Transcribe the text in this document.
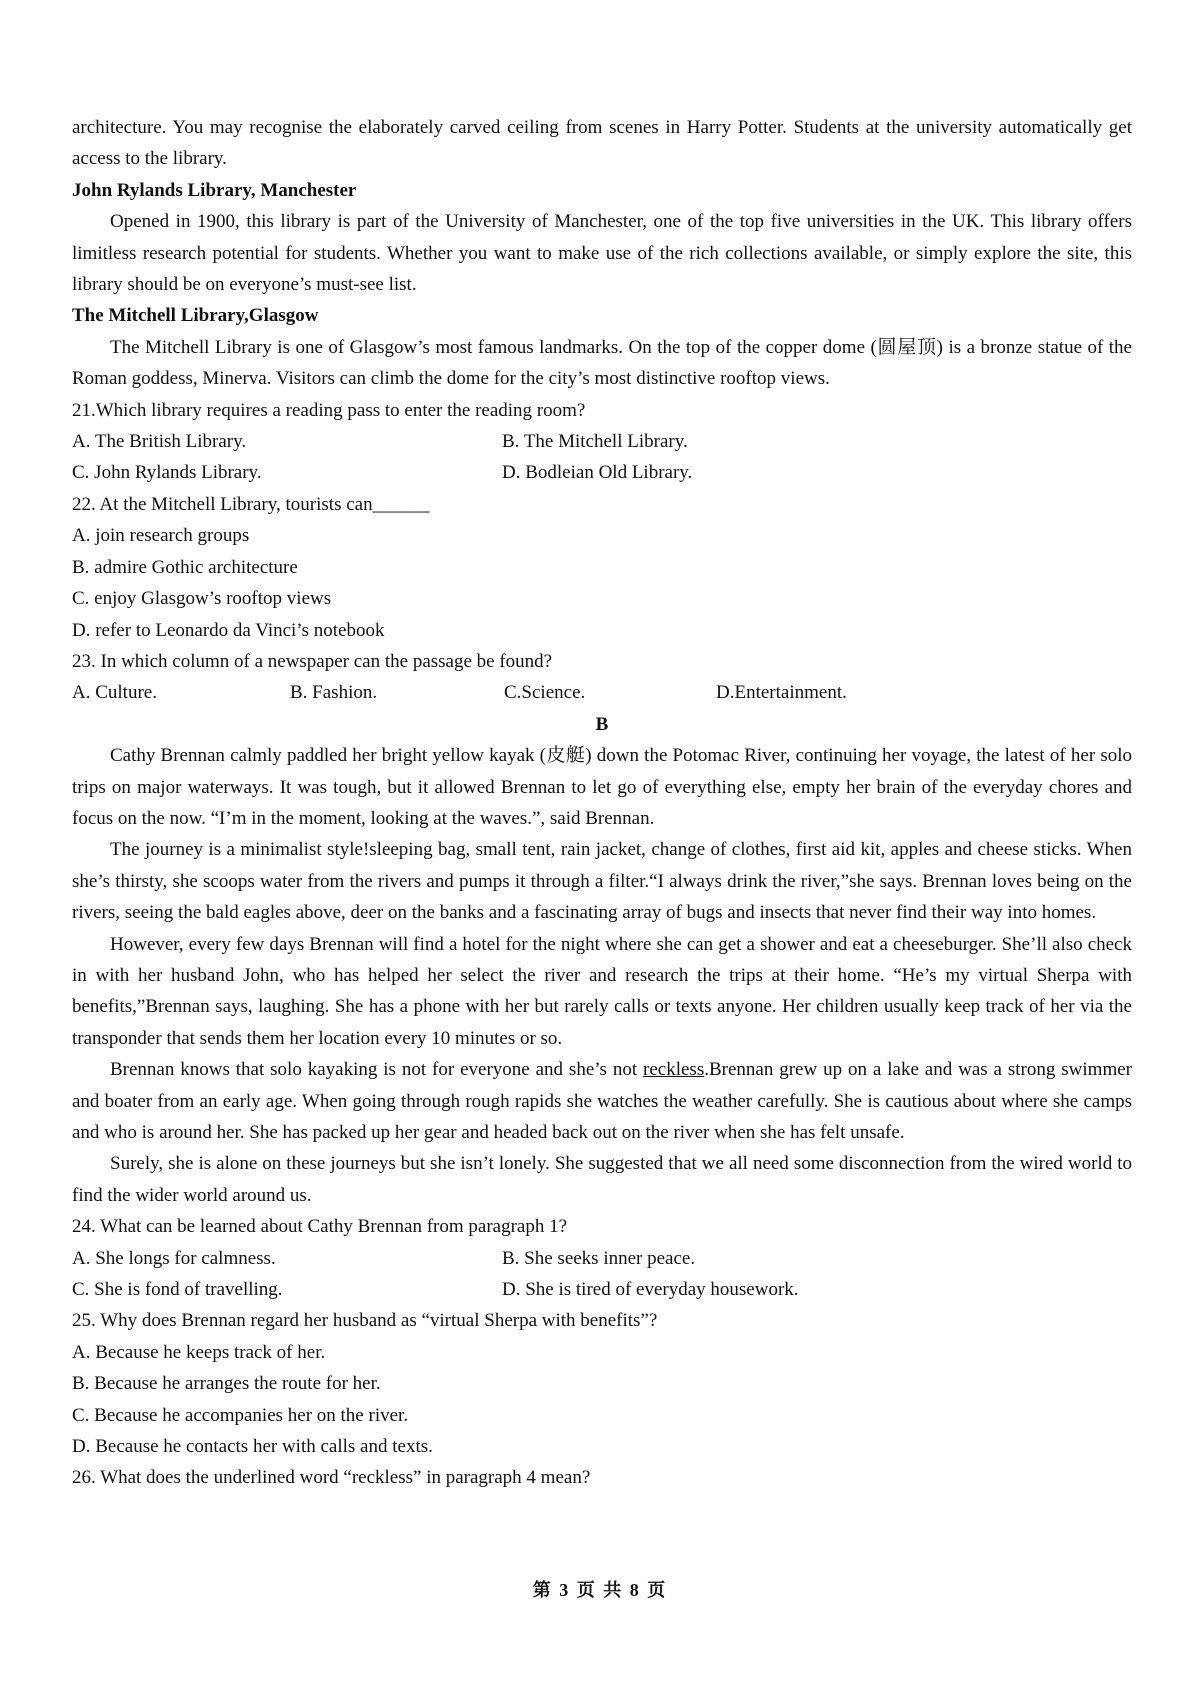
architecture. You may recognise the elaborately carved ceiling from scenes in Harry Potter. Students at the university automatically get access to the library.

John Rylands Library, Manchester

Opened in 1900, this library is part of the University of Manchester, one of the top five universities in the UK. This library offers limitless research potential for students. Whether you want to make use of the rich collections available, or simply explore the site, this library should be on everyone’s must-see list.

The Mitchell Library,Glasgow

The Mitchell Library is one of Glasgow’s most famous landmarks. On the top of the copper dome (圆屋顶) is a bronze statue of the Roman goddess, Minerva. Visitors can climb the dome for the city’s most distinctive rooftop views.

21.Which library requires a reading pass to enter the reading room?
A. The British Library.	B. The Mitchell Library.
C. John Rylands Library.	D. Bodleian Old Library.
22. At the Mitchell Library, tourists can______
A. join research groups
B. admire Gothic architecture
C. enjoy Glasgow’s rooftop views
D. refer to Leonardo da Vinci’s notebook
23. In which column of a newspaper can the passage be found?
A. Culture.	B. Fashion.	C.Science.	D.Entertainment.
B

Cathy Brennan calmly paddled her bright yellow kayak (皮艇) down the Potomac River, continuing her voyage, the latest of her solo trips on major waterways. It was tough, but it allowed Brennan to let go of everything else, empty her brain of the everyday chores and focus on the now. “I’m in the moment, looking at the waves.”, said Brennan.

The journey is a minimalist style!sleeping bag, small tent, rain jacket, change of clothes, first aid kit, apples and cheese sticks. When she’s thirsty, she scoops water from the rivers and pumps it through a filter.“I always drink the river,”she says. Brennan loves being on the rivers, seeing the bald eagles above, deer on the banks and a fascinating array of bugs and insects that never find their way into homes.

However, every few days Brennan will find a hotel for the night where she can get a shower and eat a cheeseburger. She’ll also check in with her husband John, who has helped her select the river and research the trips at their home. “He’s my virtual Sherpa with benefits,”Brennan says, laughing. She has a phone with her but rarely calls or texts anyone. Her children usually keep track of her via the transponder that sends them her location every 10 minutes or so.

Brennan knows that solo kayaking is not for everyone and she’s not reckless.Brennan grew up on a lake and was a strong swimmer and boater from an early age. When going through rough rapids she watches the weather carefully. She is cautious about where she camps and who is around her. She has packed up her gear and headed back out on the river when she has felt unsafe.

Surely, she is alone on these journeys but she isn’t lonely. She suggested that we all need some disconnection from the wired world to find the wider world around us.

24. What can be learned about Cathy Brennan from paragraph 1?
A. She longs for calmness.	B. She seeks inner peace.
C. She is fond of travelling.	D. She is tired of everyday housework.
25. Why does Brennan regard her husband as “virtual Sherpa with benefits”?
A. Because he keeps track of her.
B. Because he arranges the route for her.
C. Because he accompanies her on the river.
D. Because he contacts her with calls and texts.
26. What does the underlined word “reckless” in paragraph 4 mean?
第 3 页 共 8 页
